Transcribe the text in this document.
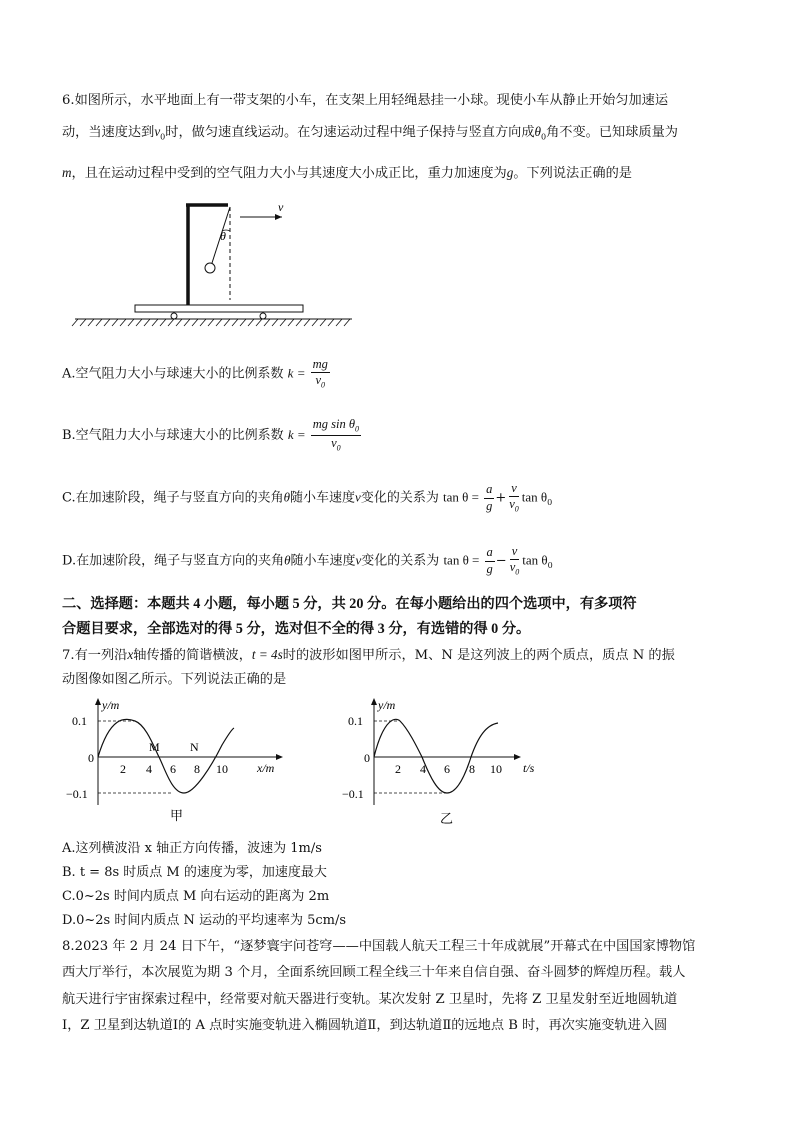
6.如图所示，水平地面上有一带支架的小车，在支架上用轻绳悬挂一小球。现使小车从静止开始匀加速运
动，当速度达到$v_0$时，做匀速直线运动。在匀速运动过程中绳子保持与竖直方向成$\theta_0$角不变。已知球质量为
m，且在运动过程中受到的空气阻力大小与其速度大小成正比，重力加速度为g。下列说法正确的是
v
θ
A.空气阻力大小与球速大小的比例系数 $k = \frac{mg}{v_0}$
B.空气阻力大小与球速大小的比例系数 $k = \frac{mg \sin \theta_0}{v_0}$
C.在加速阶段，绳子与竖直方向的夹角θ随小车速度v变化的关系为 $\tan \theta = \frac{a}{g} + \frac{v}{v_0}$ $\tan \theta_0$
D.在加速阶段，绳子与竖直方向的夹角θ随小车速度v变化的关系为 $\tan \theta = \frac{a}{g} - \frac{v}{v_0}$ $\tan \theta_0$
二、选择题：本题共 4 小题，每小题 5 分，共 20 分。在每小题给出的四个选项中，有多项符
合题目要求，全部选对的得 5 分，选对但不全的得 3 分，有选错的得 0 分。
7.有一列沿x轴传播的简谐横波，t = 4s时的波形如图甲所示，M、N 是这列波上的两个质点，质点 N 的振
动图像如图乙所示。下列说法正确的是
y/m
x/m
0
0.1
−0.1
2 4 6 8 10
M	N
甲
y/m
t/s
0
0.1
−0.1
2 4 6 8 10
乙
A.这列横波沿 x 轴正方向传播，波速为 1m/s
B. t = 8s 时质点 M 的速度为零，加速度最大
C.0~2s 时间内质点 M 向右运动的距离为 2m
D.0~2s 时间内质点 N 运动的平均速率为 5cm/s
8.2023 年 2 月 24 日下午，“逐梦寰宇问苍穹——中国载人航天工程三十年成就展”开幕式在中国国家博物馆
西大厅举行，本次展览为期 3 个月，全面系统回顾工程全线三十年来自信自强、奋斗圆梦的辉煌历程。载人
航天进行宇宙探索过程中，经常要对航天器进行变轨。某次发射 Z 卫星时，先将 Z 卫星发射至近地圆轨道
Ⅰ，Z 卫星到达轨道Ⅰ的 A 点时实施变轨进入椭圆轨道Ⅱ，到达轨道Ⅱ的远地点 B 时，再次实施变轨进入圆
